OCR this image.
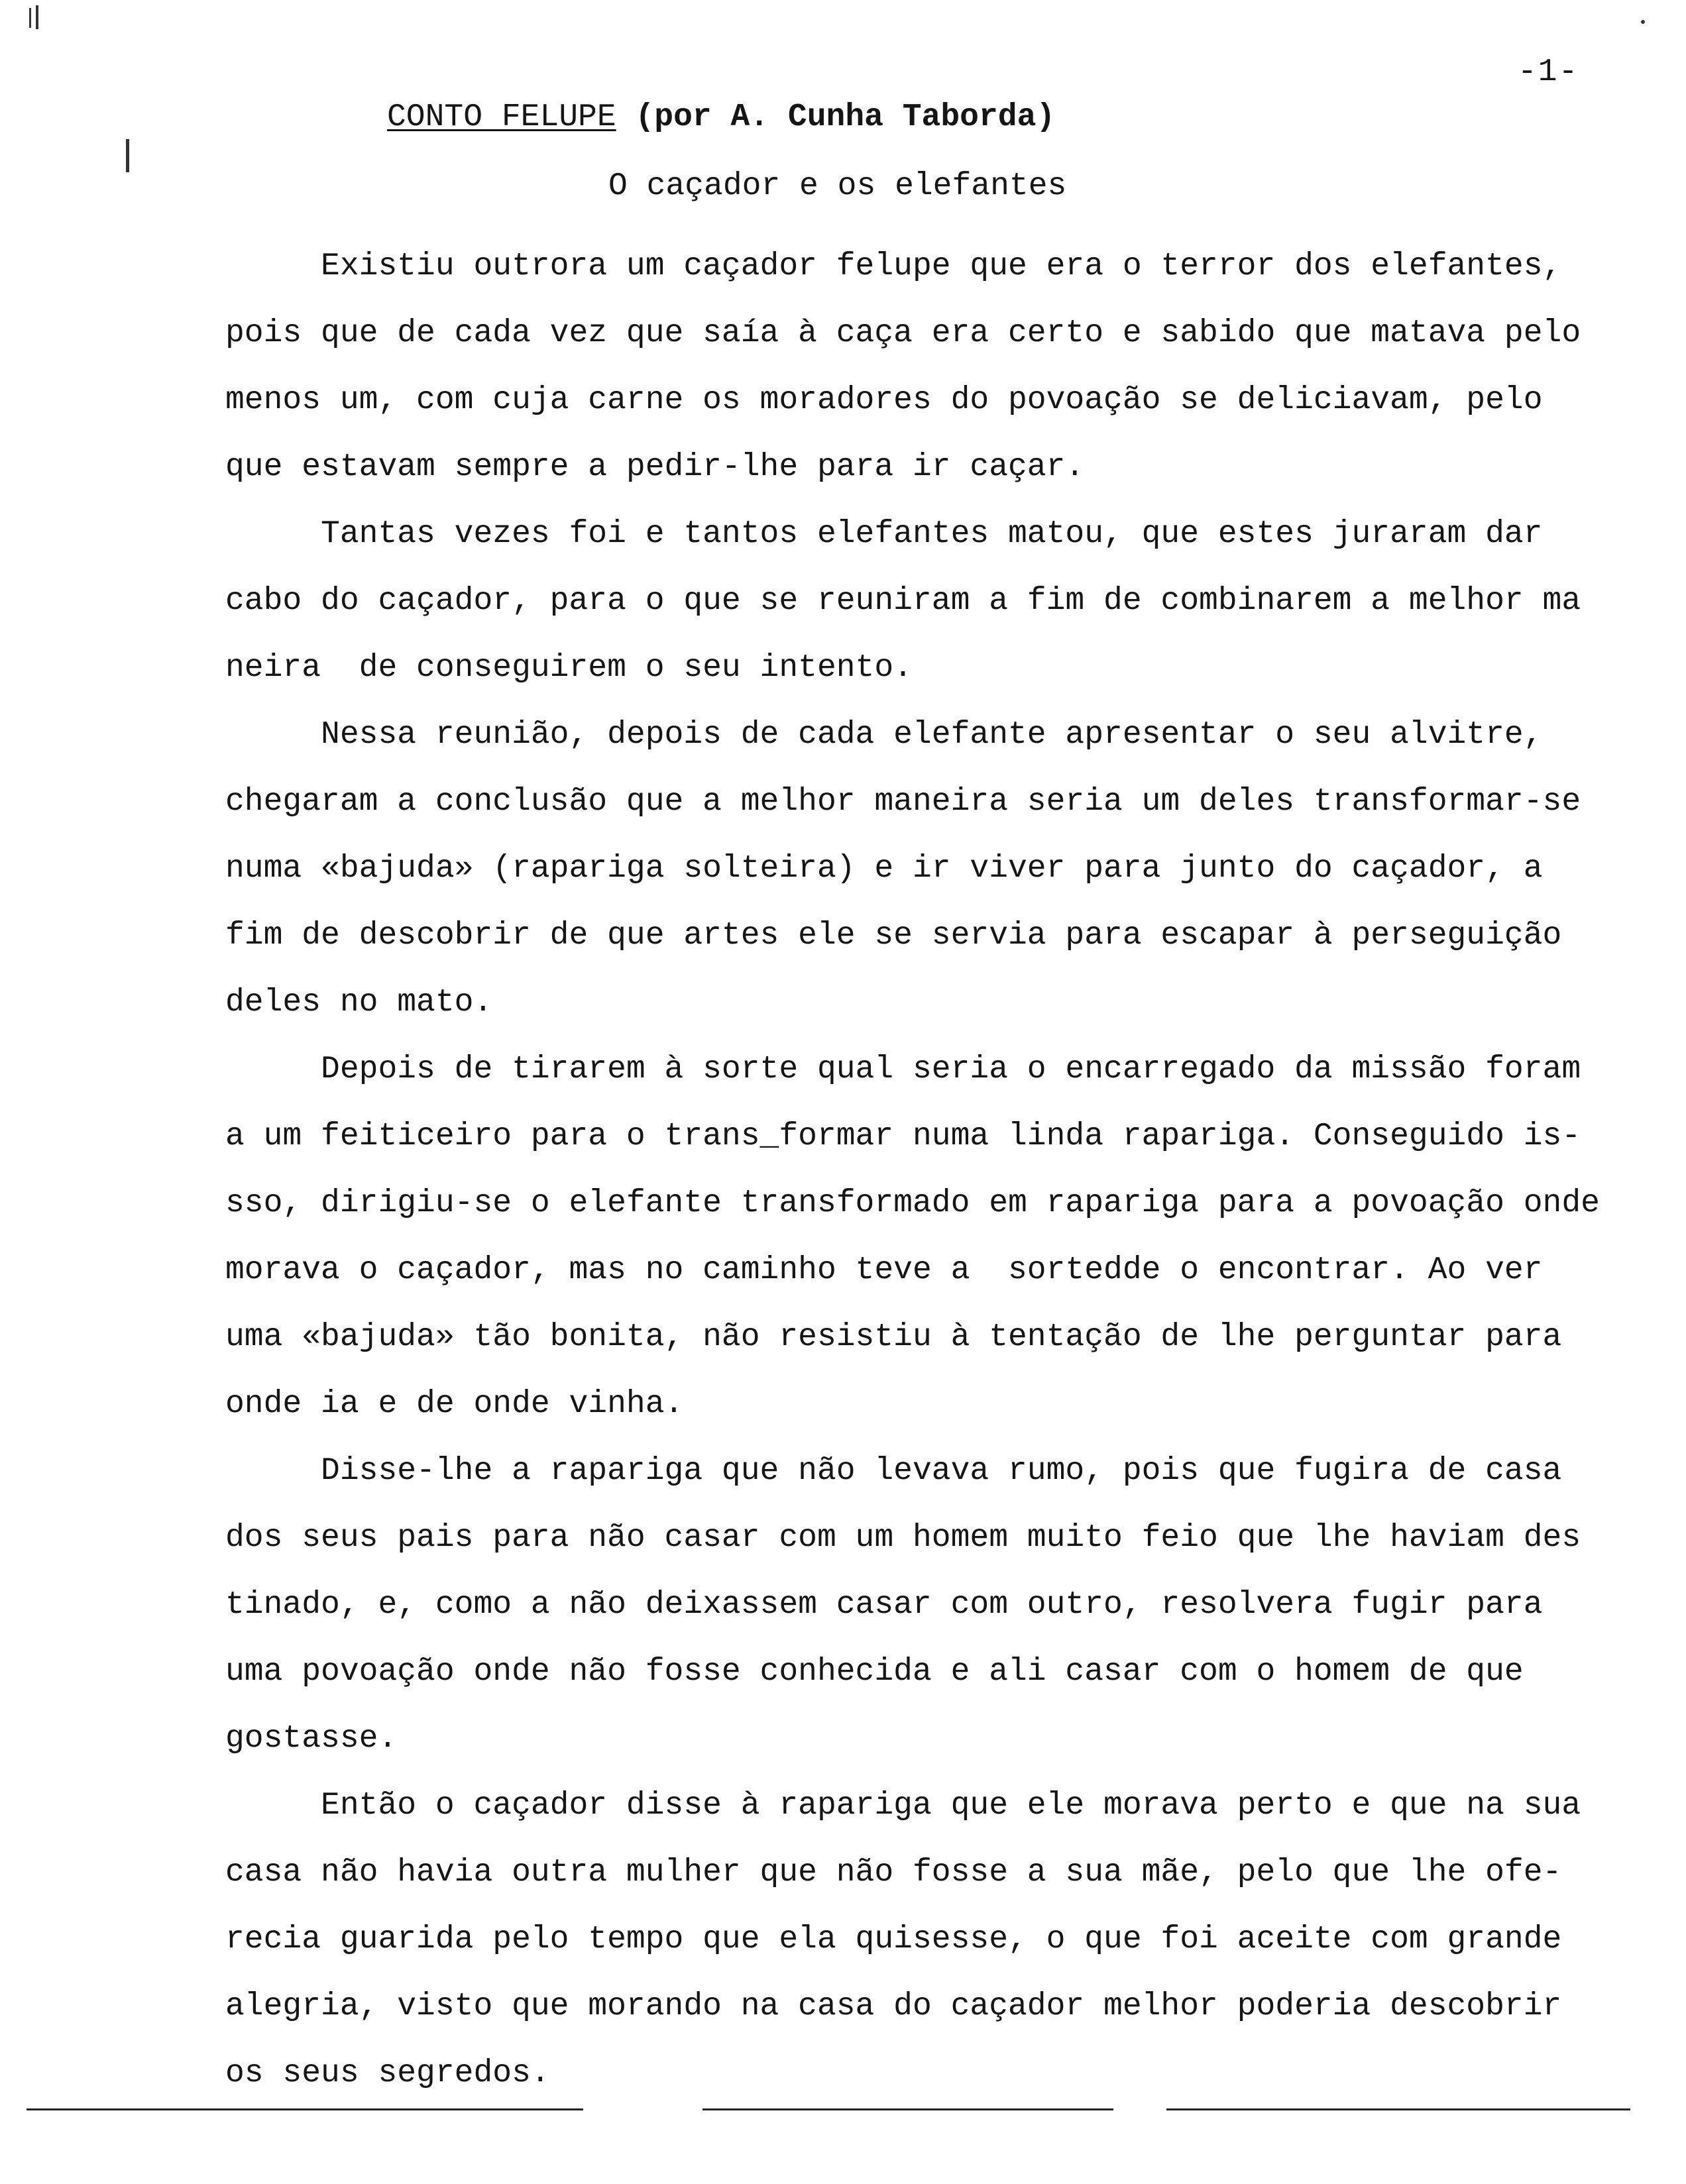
-1-
CONTO FELUPE (por A. Cunha Taborda)
O caçador e os elefantes
Existiu outrora um caçador felupe que era o terror dos elefantes,
pois que de cada vez que saía à caça era certo e sabido que matava pelo
menos um, com cuja carne os moradores do povoação se deliciavam, pelo
que estavam sempre a pedir-lhe para ir caçar.
Tantas vezes foi e tantos elefantes matou, que estes juraram dar
cabo do caçador, para o que se reuniram a fim de combinarem a melhor ma
neira  de conseguirem o seu intento.
Nessa reunião, depois de cada elefante apresentar o seu alvitre,
chegaram a conclusão que a melhor maneira seria um deles transformar-se
numa «bajuda» (rapariga solteira) e ir viver para junto do caçador, a
fim de descobrir de que artes ele se servia para escapar à perseguição
deles no mato.
Depois de tirarem à sorte qual seria o encarregado da missão foram
a um feiticeiro para o trans_formar numa linda rapariga. Conseguido is-
sso, dirigiu-se o elefante transformado em rapariga para a povoação onde
morava o caçador, mas no caminho teve a  sortedde o encontrar. Ao ver
uma «bajuda» tão bonita, não resistiu à tentação de lhe perguntar para
onde ia e de onde vinha.
Disse-lhe a rapariga que não levava rumo, pois que fugira de casa
dos seus pais para não casar com um homem muito feio que lhe haviam des
tinado, e, como a não deixassem casar com outro, resolvera fugir para
uma povoação onde não fosse conhecida e ali casar com o homem de que
gostasse.
Então o caçador disse à rapariga que ele morava perto e que na sua
casa não havia outra mulher que não fosse a sua mãe, pelo que lhe ofe-
recia guarida pelo tempo que ela quisesse, o que foi aceite com grande
alegria, visto que morando na casa do caçador melhor poderia descobrir
os seus segredos.
